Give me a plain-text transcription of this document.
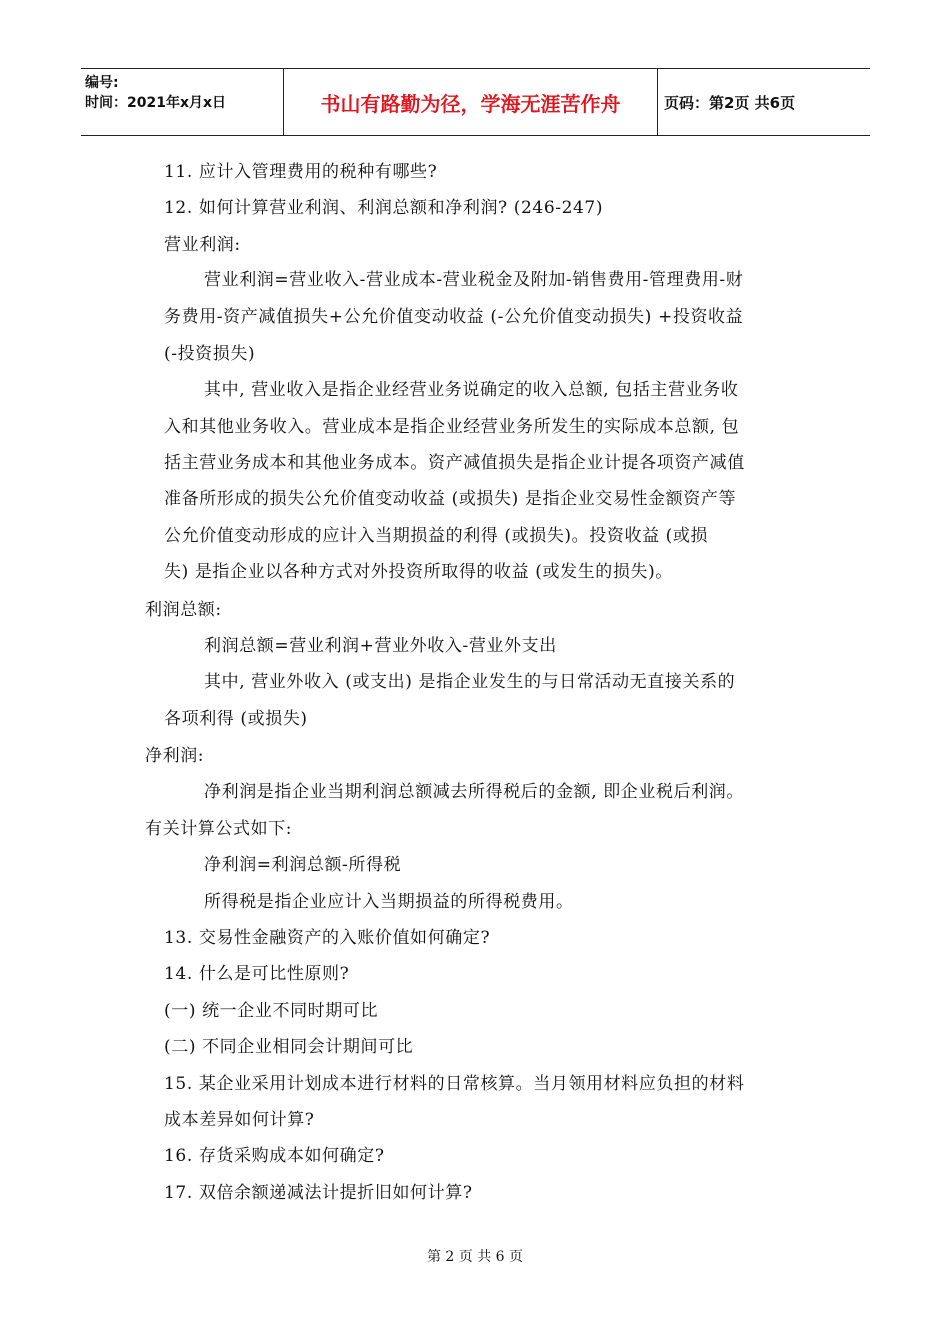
编号:
时间：2021年x月x日	书山有路勤为径，学海无涯苦作舟	页码：第2页 共6页
11. 应计入管理费用的税种有哪些?
12. 如何计算营业利润、利润总额和净利润? (246-247)
营业利润:
营业利润=营业收入-营业成本-营业税金及附加-销售费用-管理费用-财
务费用-资产减值损失+公允价值变动收益 (-公允价值变动损失) +投资收益
(-投资损失)
其中, 营业收入是指企业经营业务说确定的收入总额, 包括主营业务收
入和其他业务收入。营业成本是指企业经营业务所发生的实际成本总额, 包
括主营业务成本和其他业务成本。资产减值损失是指企业计提各项资产减值
准备所形成的损失公允价值变动收益 (或损失) 是指企业交易性金额资产等
公允价值变动形成的应计入当期损益的利得 (或损失)。投资收益 (或损
失) 是指企业以各种方式对外投资所取得的收益 (或发生的损失)。
利润总额:
利润总额=营业利润+营业外收入-营业外支出
其中, 营业外收入 (或支出) 是指企业发生的与日常活动无直接关系的
各项利得 (或损失)
净利润:
净利润是指企业当期利润总额减去所得税后的金额, 即企业税后利润。
有关计算公式如下:
净利润=利润总额-所得税
所得税是指企业应计入当期损益的所得税费用。
13. 交易性金融资产的入账价值如何确定?
14. 什么是可比性原则?
(一) 统一企业不同时期可比
(二) 不同企业相同会计期间可比
15. 某企业采用计划成本进行材料的日常核算。当月领用材料应负担的材料
成本差异如何计算?
16. 存货采购成本如何确定?
17. 双倍余额递减法计提折旧如何计算?
第 2 页 共 6 页
